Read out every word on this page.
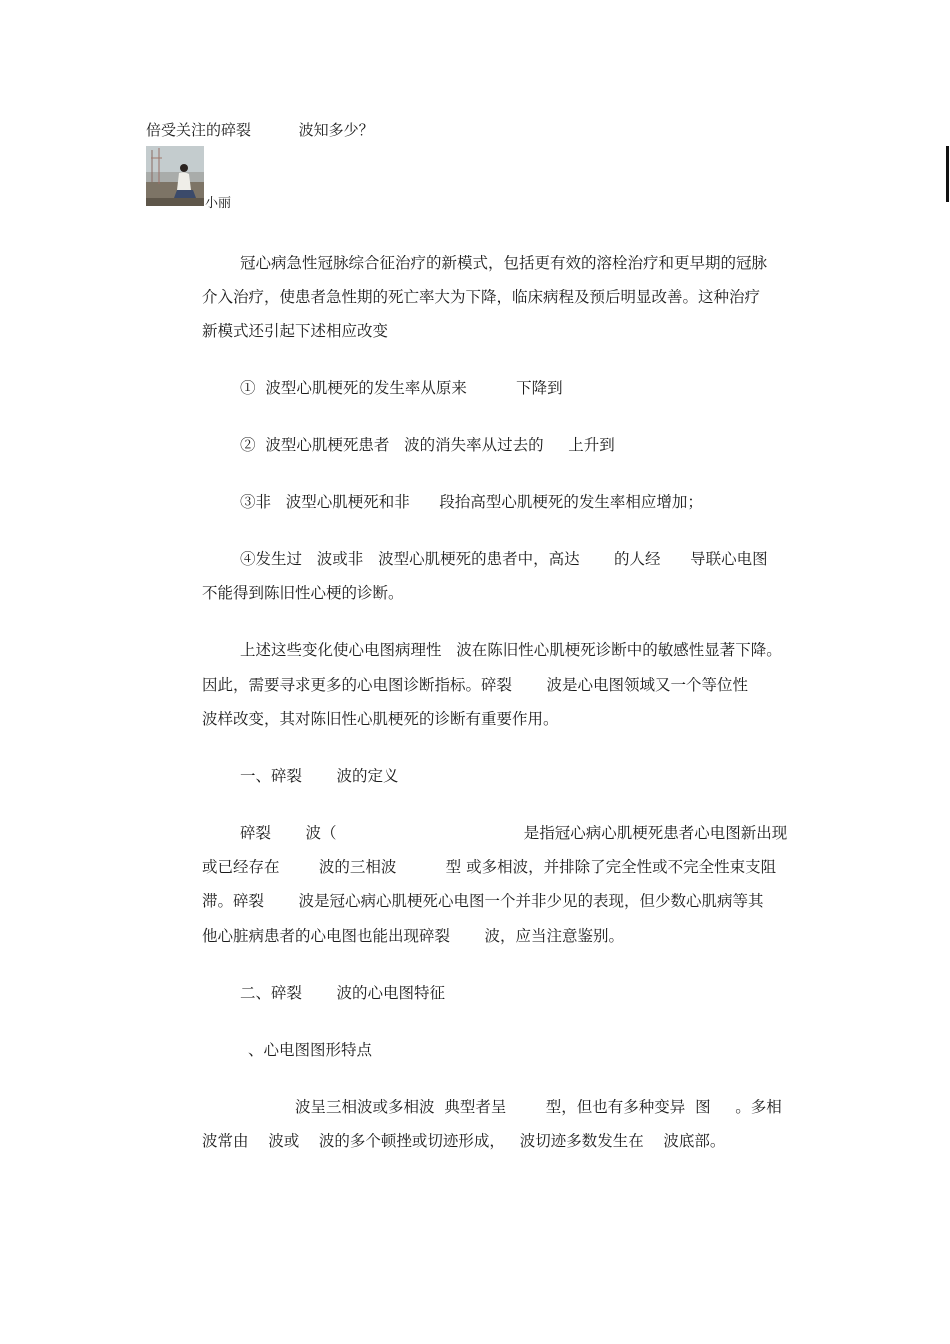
倍受关注的碎裂		波知多少？
小丽
冠心病急性冠脉综合征治疗的新模式，包括更有效的溶栓治疗和更早期的冠脉
介入治疗，使患者急性期的死亡率大为下降，临床病程及预后明显改善。这种治疗
新模式还引起下述相应改变
①  波型心肌梗死的发生率从原来          下降到
②  波型心肌梗死患者   波的消失率从过去的     上升到
③非   波型心肌梗死和非      段抬高型心肌梗死的发生率相应增加；
④发生过   波或非   波型心肌梗死的患者中，高达       的人经      导联心电图
不能得到陈旧性心梗的诊断。
上述这些变化使心电图病理性   波在陈旧性心肌梗死诊断中的敏感性显著下降。
因此，需要寻求更多的心电图诊断指标。碎裂       波是心电图领域又一个等位性
波样改变，其对陈旧性心肌梗死的诊断有重要作用。
一、碎裂       波的定义
碎裂       波（                                      是指冠心病心肌梗死患者心电图新出现
或已经存在        波的三相波          型 或多相波，并排除了完全性或不完全性束支阻
滞。碎裂       波是冠心病心肌梗死心电图一个并非少见的表现，但少数心肌病等其
他心脏病患者的心电图也能出现碎裂       波，应当注意鉴别。
二、碎裂       波的心电图特征
、心电图图形特点
波呈三相波或多相波  典型者呈        型，但也有多种变异  图     。多相
波常由    波或    波的多个顿挫或切迹形成，   波切迹多数发生在    波底部。
